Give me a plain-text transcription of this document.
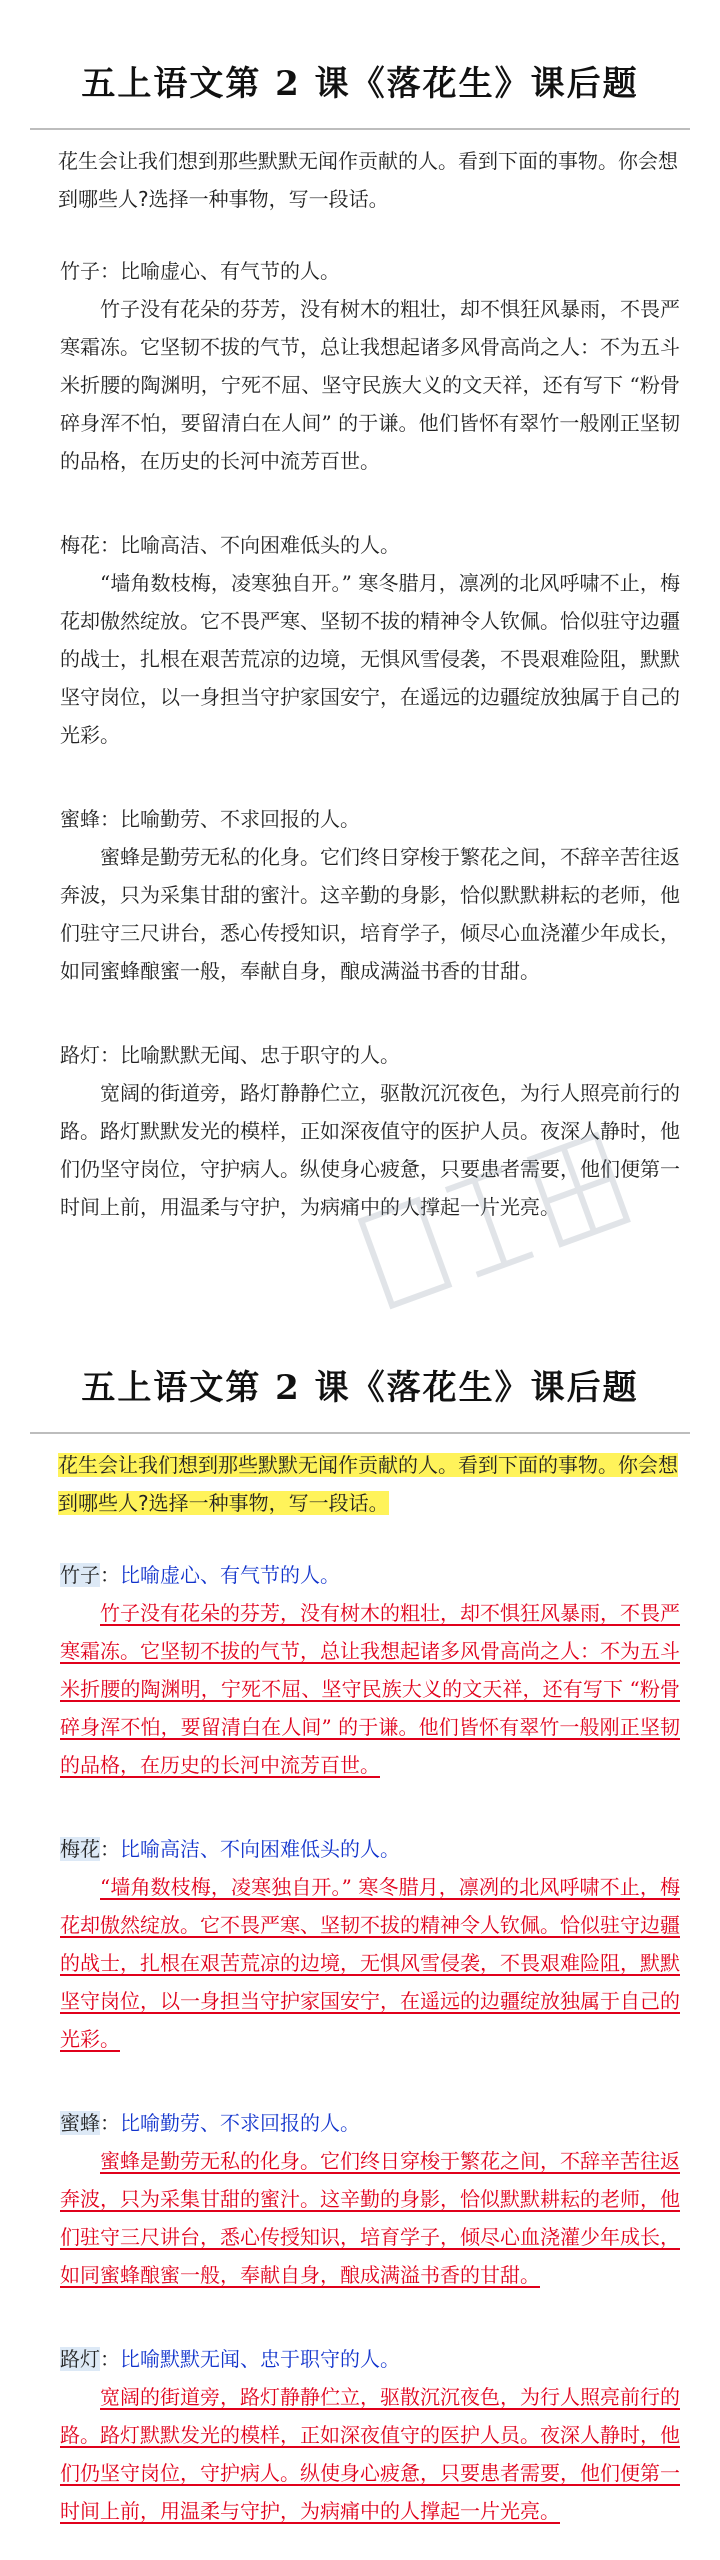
五上语文第 2 课《落花生》课后题
花生会让我们想到那些默默无闻作贡献的人。看到下面的事物。你会想到哪些人?选择一种事物，写一段话。
竹子：比喻虚心、有气节的人。
竹子没有花朵的芬芳，没有树木的粗壮，却不惧狂风暴雨，不畏严寒霜冻。它坚韧不拔的气节，总让我想起诸多风骨高尚之人：不为五斗米折腰的陶渊明，宁死不屈、坚守民族大义的文天祥，还有写下 “粉骨碎身浑不怕，要留清白在人间” 的于谦。他们皆怀有翠竹一般刚正坚韧的品格，在历史的长河中流芳百世。
梅花：比喻高洁、不向困难低头的人。
“墙角数枝梅，凌寒独自开。” 寒冬腊月，凛冽的北风呼啸不止，梅花却傲然绽放。它不畏严寒、坚韧不拔的精神令人钦佩。恰似驻守边疆的战士，扎根在艰苦荒凉的边境，无惧风雪侵袭，不畏艰难险阻，默默坚守岗位，以一身担当守护家国安宁，在遥远的边疆绽放独属于自己的光彩。
蜜蜂：比喻勤劳、不求回报的人。
蜜蜂是勤劳无私的化身。它们终日穿梭于繁花之间，不辞辛苦往返奔波，只为采集甘甜的蜜汁。这辛勤的身影，恰似默默耕耘的老师，他们驻守三尺讲台，悉心传授知识，培育学子，倾尽心血浇灌少年成长，如同蜜蜂酿蜜一般，奉献自身，酿成满溢书香的甘甜。
路灯：比喻默默无闻、忠于职守的人。
宽阔的街道旁，路灯静静伫立，驱散沉沉夜色，为行人照亮前行的路。路灯默默发光的模样，正如深夜值守的医护人员。夜深人静时，他们仍坚守岗位，守护病人。纵使身心疲惫，只要患者需要，他们便第一时间上前，用温柔与守护，为病痛中的人撑起一片光亮。
五上语文第 2 课《落花生》课后题
花生会让我们想到那些默默无闻作贡献的人。看到下面的事物。你会想到哪些人?选择一种事物，写一段话。
竹子：比喻虚心、有气节的人。
竹子没有花朵的芬芳，没有树木的粗壮，却不惧狂风暴雨，不畏严寒霜冻。它坚韧不拔的气节，总让我想起诸多风骨高尚之人：不为五斗米折腰的陶渊明，宁死不屈、坚守民族大义的文天祥，还有写下 “粉骨碎身浑不怕，要留清白在人间” 的于谦。他们皆怀有翠竹一般刚正坚韧的品格，在历史的长河中流芳百世。
梅花：比喻高洁、不向困难低头的人。
“墙角数枝梅，凌寒独自开。” 寒冬腊月，凛冽的北风呼啸不止，梅花却傲然绽放。它不畏严寒、坚韧不拔的精神令人钦佩。恰似驻守边疆的战士，扎根在艰苦荒凉的边境，无惧风雪侵袭，不畏艰难险阻，默默坚守岗位，以一身担当守护家国安宁，在遥远的边疆绽放独属于自己的光彩。
蜜蜂：比喻勤劳、不求回报的人。
蜜蜂是勤劳无私的化身。它们终日穿梭于繁花之间，不辞辛苦往返奔波，只为采集甘甜的蜜汁。这辛勤的身影，恰似默默耕耘的老师，他们驻守三尺讲台，悉心传授知识，培育学子，倾尽心血浇灌少年成长，如同蜜蜂酿蜜一般，奉献自身，酿成满溢书香的甘甜。
路灯：比喻默默无闻、忠于职守的人。
宽阔的街道旁，路灯静静伫立，驱散沉沉夜色，为行人照亮前行的路。路灯默默发光的模样，正如深夜值守的医护人员。夜深人静时，他们仍坚守岗位，守护病人。纵使身心疲惫，只要患者需要，他们便第一时间上前，用温柔与守护，为病痛中的人撑起一片光亮。
